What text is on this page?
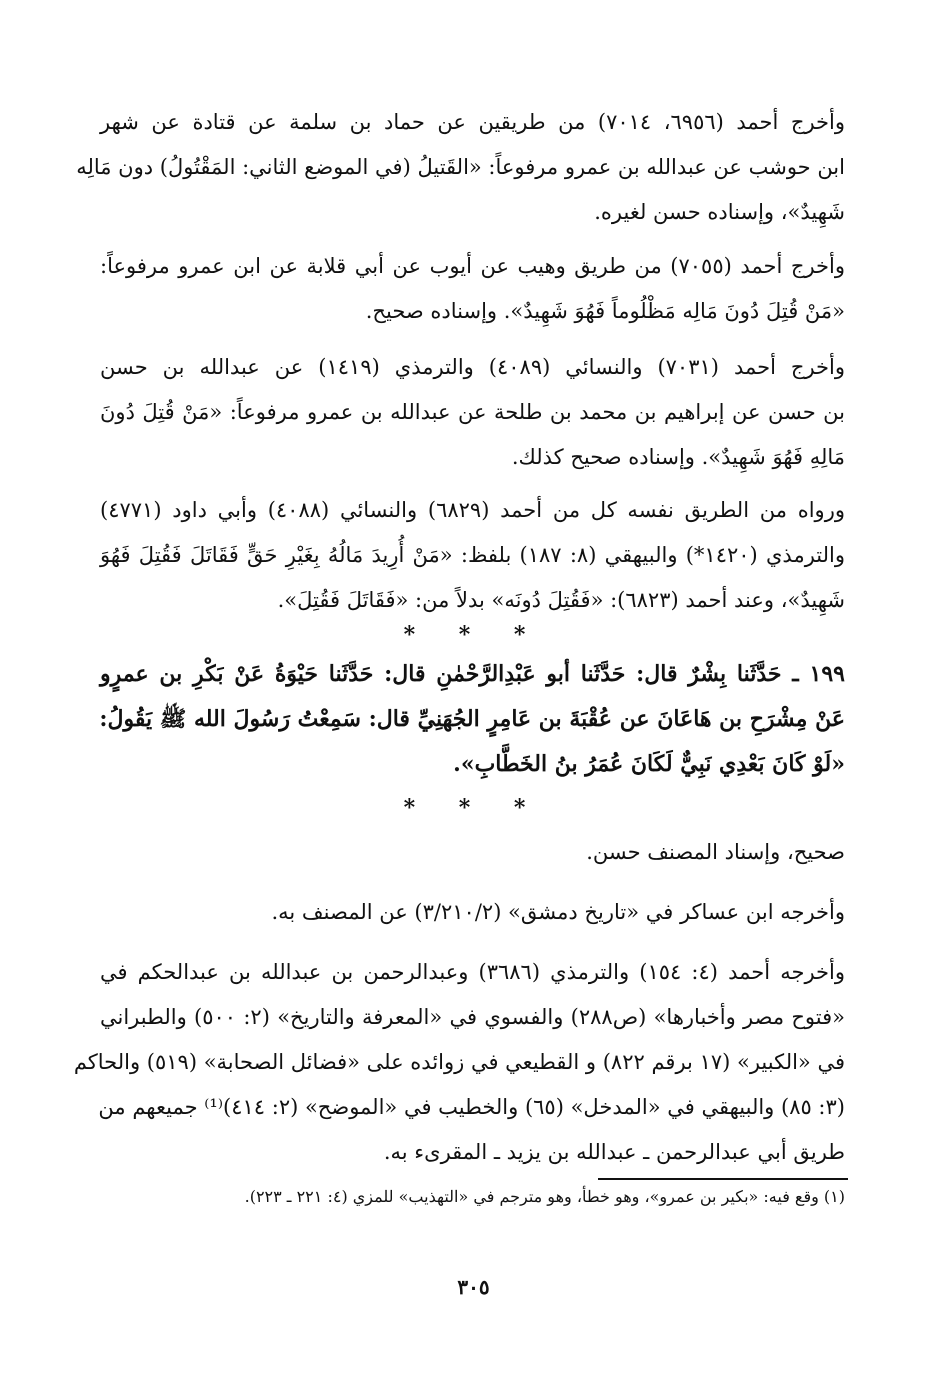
وأخرج أحمد (٦٩٥٦، ٧٠١٤) من طريقين عن حماد بن سلمة عن قتادة عن شهر
ابن حوشب عن عبدالله بن عمرو مرفوعاً: «القَتيلُ (في الموضع الثاني: المَقْتُولُ) دون مَالِه
شَهِيدٌ»، وإسناده حسن لغيره.
وأخرج أحمد (٧٠٥٥) من طريق وهيب عن أيوب عن أبي قلابة عن ابن عمرو مرفوعاً:
«مَنْ قُتِلَ دُونَ مَالِه مَظْلُوماً فَهُوَ شَهِيدٌ». وإسناده صحيح.
وأخرج أحمد (٧٠٣١) والنسائي (٤٠٨٩) والترمذي (١٤١٩) عن عبدالله بن حسن
بن حسن عن إبراهيم بن محمد بن طلحة عن عبدالله بن عمرو مرفوعاً: «مَنْ قُتِلَ دُونَ
مَالِهِ فَهُوَ شَهِيدٌ». وإسناده صحيح كذلك.
ورواه من الطريق نفسه كل من أحمد (٦٨٢٩) والنسائي (٤٠٨٨) وأبي داود (٤٧٧١)
والترمذي (١٤٢٠*) والبيهقي (٨: ١٨٧) بلفظ: «مَنْ أُرِيدَ مَالُهُ بِغَيْرِ حَقٍّ فَقَاتَلَ فَقُتِلَ فَهُوَ
شَهِيدٌ»، وعند أحمد (٦٨٢٣): «فَقُتِلَ دُونَه» بدلاً من: «فَقَاتَلَ فَقُتِلَ».
* * *
١٩٩ ـ حَدَّثَنا بِشْرٌ قال: حَدَّثَنا أبو عَبْدِالرَّحْمٰنِ قال: حَدَّثَنا حَيْوَةُ عَنْ بَكْرِ بن عمرٍو
عَنْ مِشْرَحِ بن هَاعَانَ عن عُقْبَةَ بن عَامِرٍ الجُهَنِيِّ قال: سَمِعْتُ رَسُولَ الله ﷺ يَقُولُ:
«لَوْ كَانَ بَعْدِي نَبِيٌّ لَكَانَ عُمَرُ بنُ الخَطَّابِ».
* * *
صحيح، وإسناد المصنف حسن.
وأخرجه ابن عساكر في «تاريخ دمشق» (٣/٢١٠/٢) عن المصنف به.
وأخرجه أحمد (٤: ١٥٤) والترمذي (٣٦٨٦) وعبدالرحمن بن عبدالله بن عبدالحكم في
«فتوح مصر وأخبارها» (ص٢٨٨) والفسوي في «المعرفة والتاريخ» (٢: ٥٠٠) والطبراني
في «الكبير» (١٧ برقم ٨٢٢) و القطيعي في زوائده على «فضائل الصحابة» (٥١٩) والحاكم
(٣: ٨٥) والبيهقي في «المدخل» (٦٥) والخطيب في «الموضح» (٢: ٤١٤)⁽¹⁾ جميعهم من
طريق أبي عبدالرحمن ـ عبدالله بن يزيد ـ المقرىء به.
(١) وقع فيه: «بكير بن عمرو»، وهو خطأ، وهو مترجم في «التهذيب» للمزي (٤: ٢٢١ ـ ٢٢٣).
٣٠٥
